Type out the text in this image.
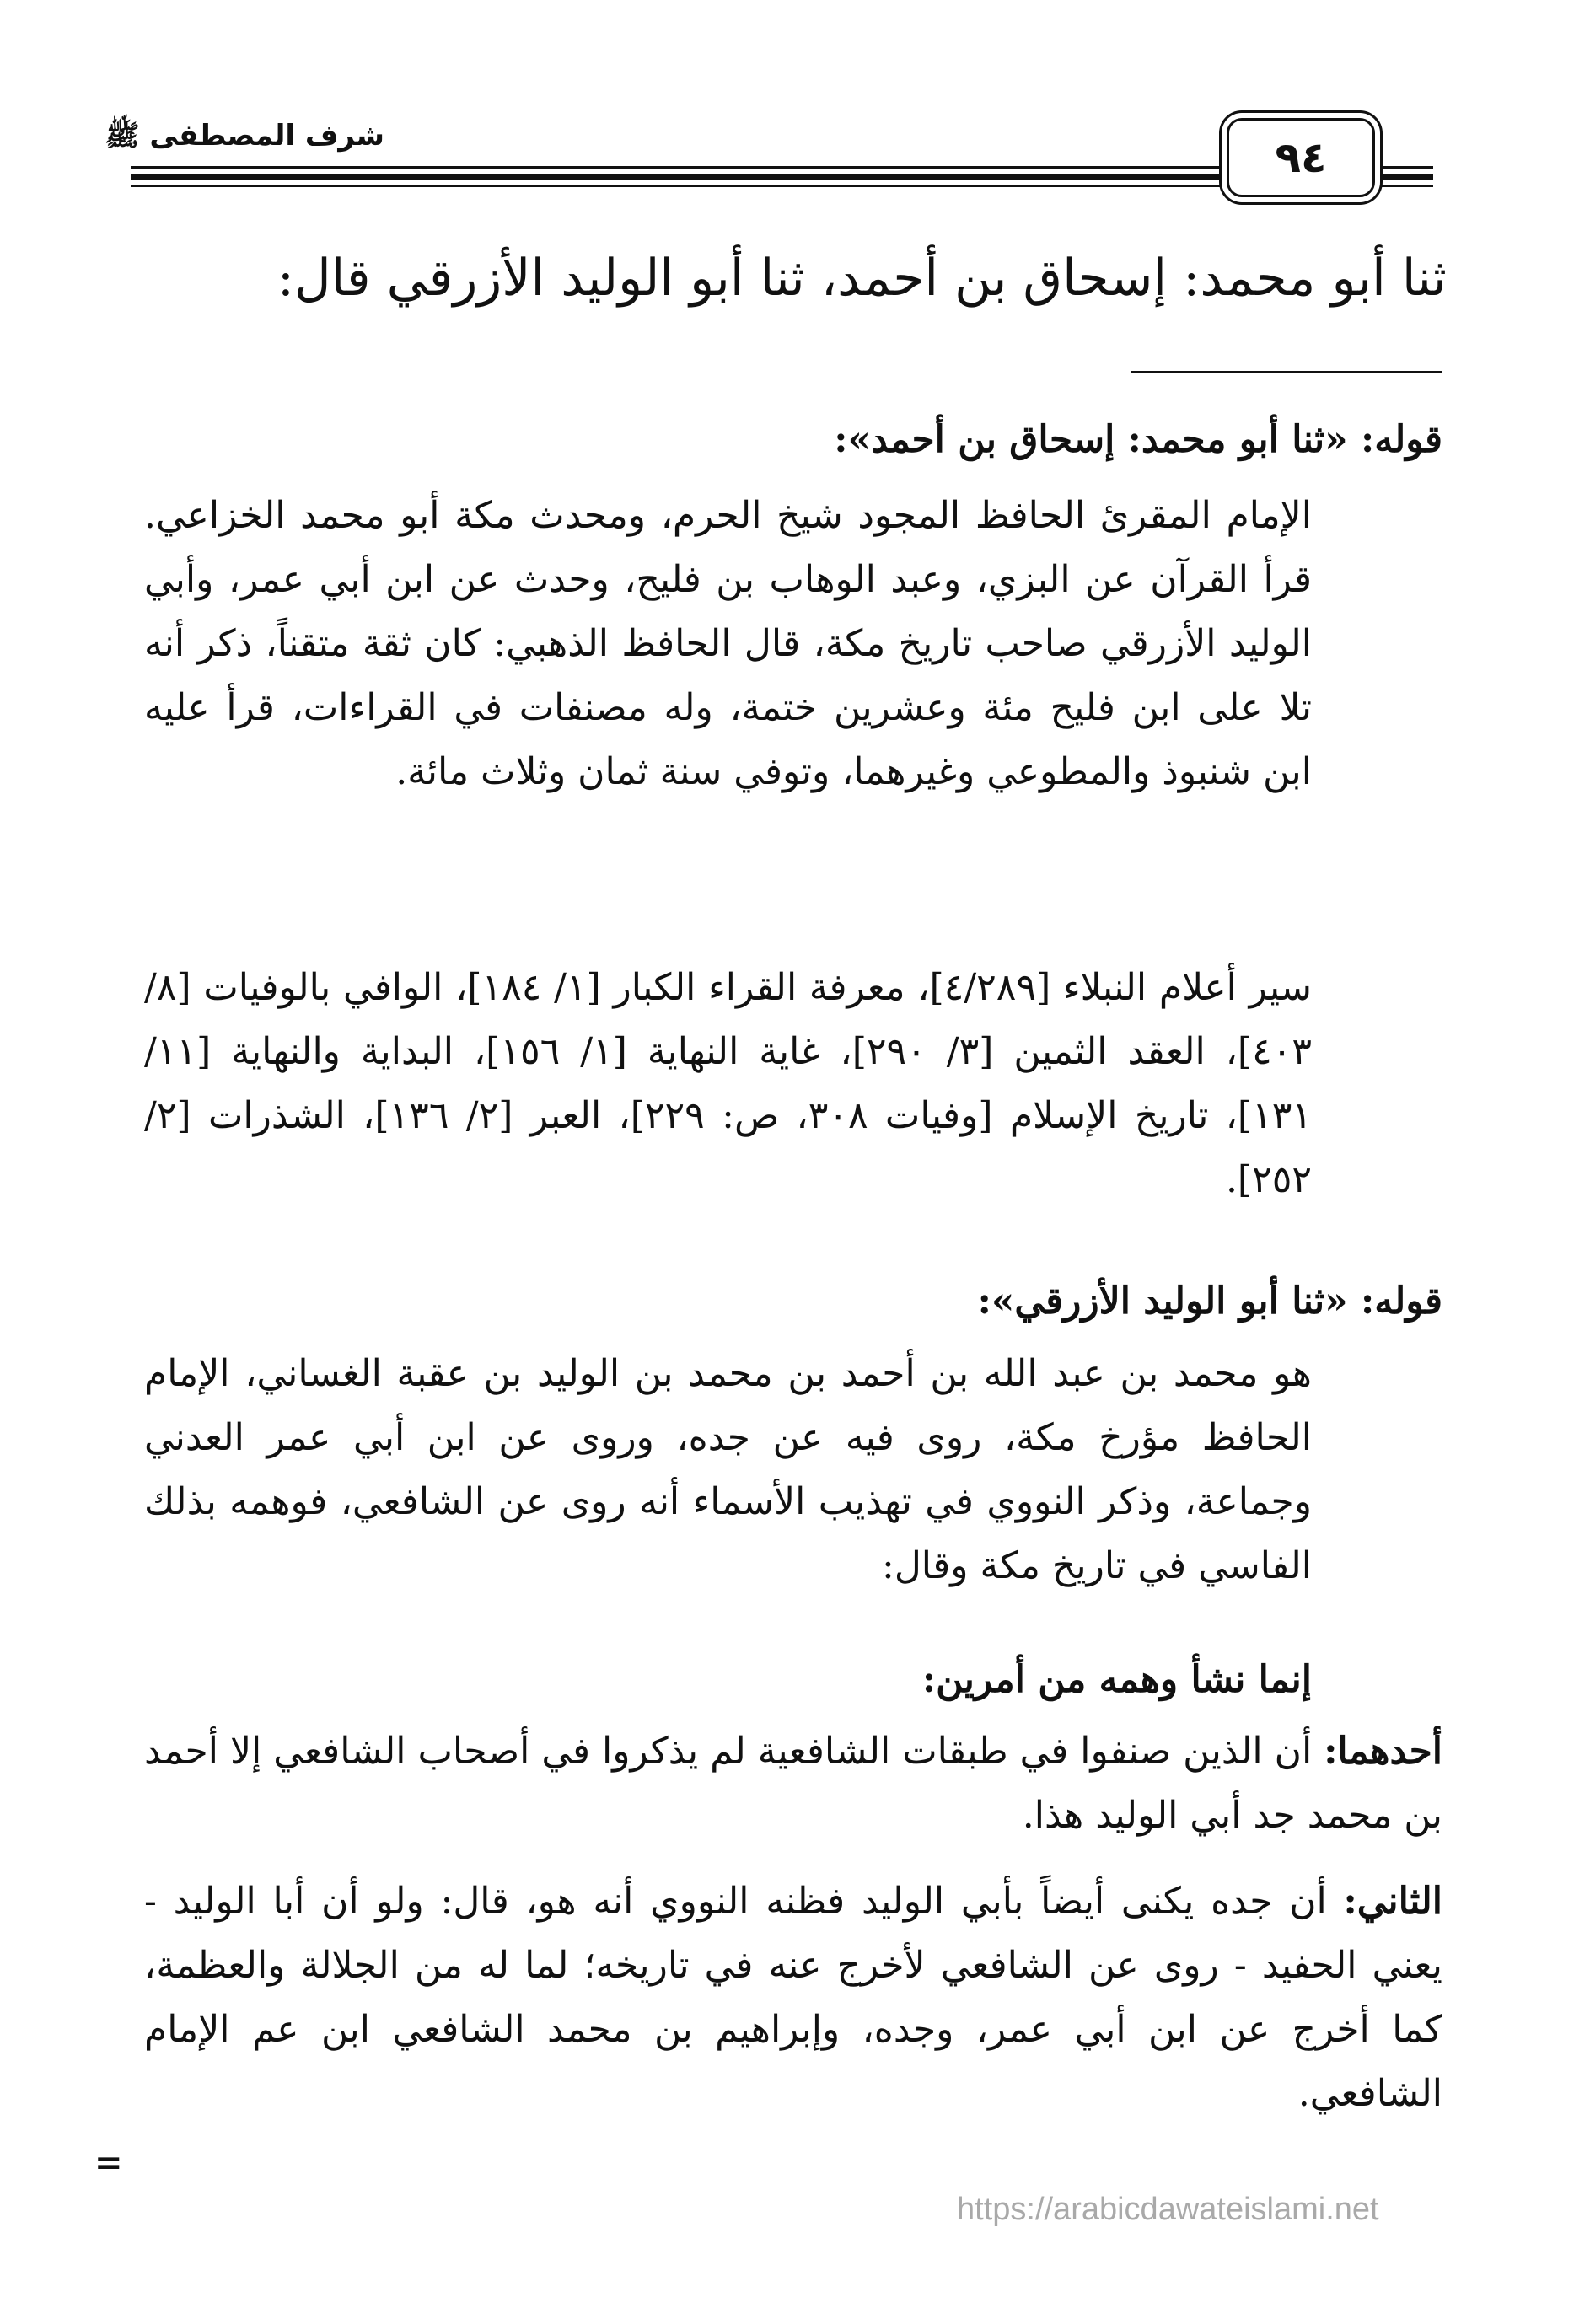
شرف المصطفى ﷺ	٩٤
ثنا أبو محمد: إسحاق بن أحمد، ثنا أبو الوليد الأزرقي قال:
قوله: «ثنا أبو محمد: إسحاق بن أحمد»:
الإمام المقرئ الحافظ المجود شيخ الحرم، ومحدث مكة أبو محمد الخزاعي. قرأ القرآن عن البزي، وعبد الوهاب بن فليح، وحدث عن ابن أبي عمر، وأبي الوليد الأزرقي صاحب تاريخ مكة، قال الحافظ الذهبي: كان ثقة متقناً، ذكر أنه تلا على ابن فليح مئة وعشرين ختمة، وله مصنفات في القراءات، قرأ عليه ابن شنبوذ والمطوعي وغيرهما، وتوفي سنة ثمان وثلاث مائة.
سير أعلام النبلاء [٤/٢٨٩]، معرفة القراء الكبار [١/ ١٨٤]، الوافي بالوفيات [٨/ ٤٠٣]، العقد الثمين [٣/ ٢٩٠]، غاية النهاية [١/ ١٥٦]، البداية والنهاية [١١/ ١٣١]، تاريخ الإسلام [وفيات ٣٠٨، ص: ٢٢٩]، العبر [٢/ ١٣٦]، الشذرات [٢/ ٢٥٢].
قوله: «ثنا أبو الوليد الأزرقي»:
هو محمد بن عبد الله بن أحمد بن محمد بن الوليد بن عقبة الغساني، الإمام الحافظ مؤرخ مكة، روى فيه عن جده، وروى عن ابن أبي عمر العدني وجماعة، وذكر النووي في تهذيب الأسماء أنه روى عن الشافعي، فوهمه بذلك الفاسي في تاريخ مكة وقال:
إنما نشأ وهمه من أمرين:
أحدهما: أن الذين صنفوا في طبقات الشافعية لم يذكروا في أصحاب الشافعي إلا أحمد بن محمد جد أبي الوليد هذا.
الثاني: أن جده يكنى أيضاً بأبي الوليد فظنه النووي أنه هو، قال: ولو أن أبا الوليد - يعني الحفيد - روى عن الشافعي لأخرج عنه في تاريخه؛ لما له من الجلالة والعظمة، كما أخرج عن ابن أبي عمر، وجده، وإبراهيم بن محمد الشافعي ابن عم الإمام الشافعي.
=
https://arabicdawateislami.net
